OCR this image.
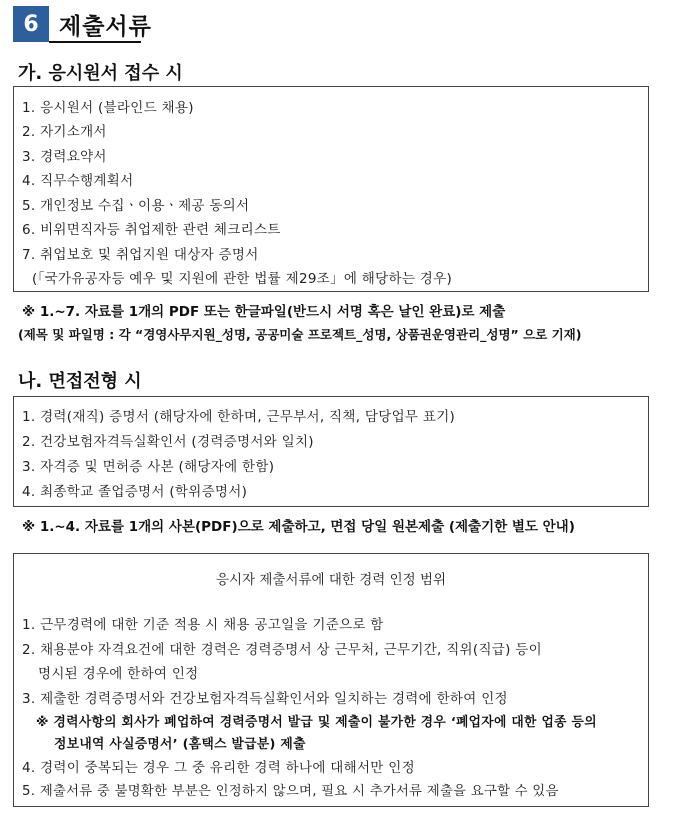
6 제출서류
가. 응시원서 접수 시
1. 응시원서 (블라인드 채용)
2. 자기소개서
3. 경력요약서
4. 직무수행계획서
5. 개인정보 수집ㆍ이용ㆍ제공 동의서
6. 비위면직자등 취업제한 관련 체크리스트
7. 취업보호 및 취업지원 대상자 증명서
(「국가유공자등 예우 및 지원에 관한 법률 제29조」에 해당하는 경우)
※ 1.~7. 자료를 1개의 PDF 또는 한글파일(반드시 서명 혹은 날인 완료)로 제출
(제목 및 파일명 : 각 “경영사무지원_성명, 공공미술 프로젝트_성명, 상품권운영관리_성명” 으로 기재)
나. 면접전형 시
1. 경력(재직) 증명서 (해당자에 한하며, 근무부서, 직책, 담당업무 표기)
2. 건강보험자격득실확인서 (경력증명서와 일치)
3. 자격증 및 면허증 사본 (해당자에 한함)
4. 최종학교 졸업증명서 (학위증명서)
※ 1.~4. 자료를 1개의 사본(PDF)으로 제출하고, 면접 당일 원본제출 (제출기한 별도 안내)
응시자 제출서류에 대한 경력 인정 범위
1. 근무경력에 대한 기준 적용 시 채용 공고일을 기준으로 함
2. 채용분야 자격요건에 대한 경력은 경력증명서 상 근무처, 근무기간, 직위(직급) 등이
명시된 경우에 한하여 인정
3. 제출한 경력증명서와 건강보험자격득실확인서와 일치하는 경력에 한하여 인정
※ 경력사항의 회사가 폐업하여 경력증명서 발급 및 제출이 불가한 경우 ‘폐업자에 대한 업종 등의
정보내역 사실증명서’ (홈택스 발급분) 제출
4. 경력이 중복되는 경우 그 중 유리한 경력 하나에 대해서만 인정
5. 제출서류 중 불명확한 부분은 인정하지 않으며, 필요 시 추가서류 제출을 요구할 수 있음
